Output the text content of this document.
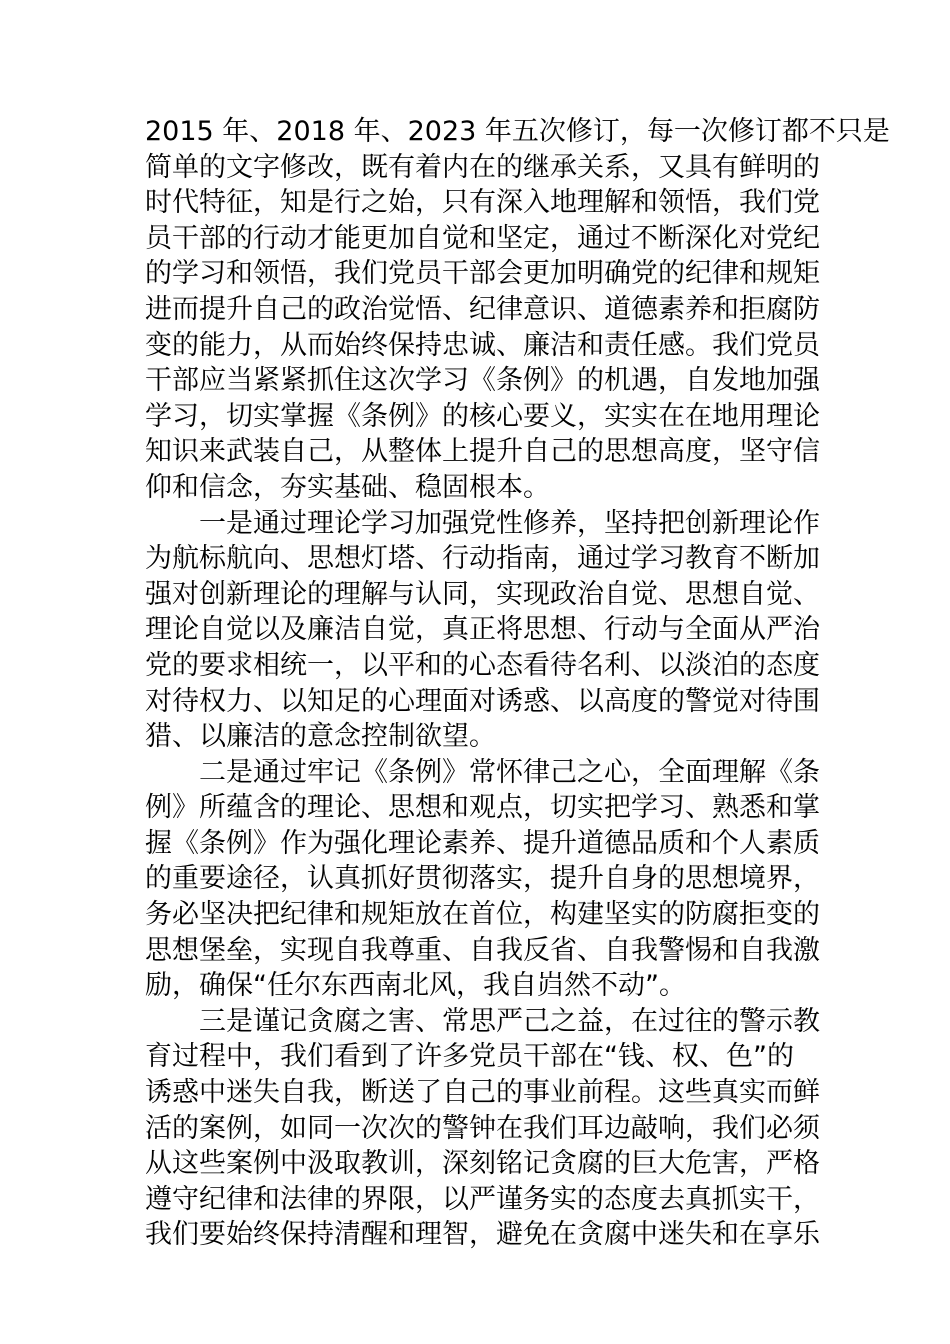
2015 年、2018 年、2023 年五次修订，每一次修订都不只是
简单的文字修改，既有着内在的继承关系，又具有鲜明的
时代特征，知是行之始，只有深入地理解和领悟，我们党
员干部的行动才能更加自觉和坚定，通过不断深化对党纪
的学习和领悟，我们党员干部会更加明确党的纪律和规矩
进而提升自己的政治觉悟、纪律意识、道德素养和拒腐防
变的能力，从而始终保持忠诚、廉洁和责任感。我们党员
干部应当紧紧抓住这次学习《条例》的机遇，自发地加强
学习，切实掌握《条例》的核心要义，实实在在地用理论
知识来武装自己，从整体上提升自己的思想高度，坚守信
仰和信念，夯实基础、稳固根本。
一是通过理论学习加强党性修养，坚持把创新理论作
为航标航向、思想灯塔、行动指南，通过学习教育不断加
强对创新理论的理解与认同，实现政治自觉、思想自觉、
理论自觉以及廉洁自觉，真正将思想、行动与全面从严治
党的要求相统一，以平和的心态看待名利、以淡泊的态度
对待权力、以知足的心理面对诱惑、以高度的警觉对待围
猎、以廉洁的意念控制欲望。
二是通过牢记《条例》常怀律己之心，全面理解《条
例》所蕴含的理论、思想和观点，切实把学习、熟悉和掌
握《条例》作为强化理论素养、提升道德品质和个人素质
的重要途径，认真抓好贯彻落实，提升自身的思想境界，
务必坚决把纪律和规矩放在首位，构建坚实的防腐拒变的
思想堡垒，实现自我尊重、自我反省、自我警惕和自我激
励，确保“任尔东西南北风，我自岿然不动”。
三是谨记贪腐之害、常思严己之益，在过往的警示教
育过程中，我们看到了许多党员干部在“钱、权、色”的
诱惑中迷失自我，断送了自己的事业前程。这些真实而鲜
活的案例，如同一次次的警钟在我们耳边敲响，我们必须
从这些案例中汲取教训，深刻铭记贪腐的巨大危害，严格
遵守纪律和法律的界限，以严谨务实的态度去真抓实干，
我们要始终保持清醒和理智，避免在贪腐中迷失和在享乐
